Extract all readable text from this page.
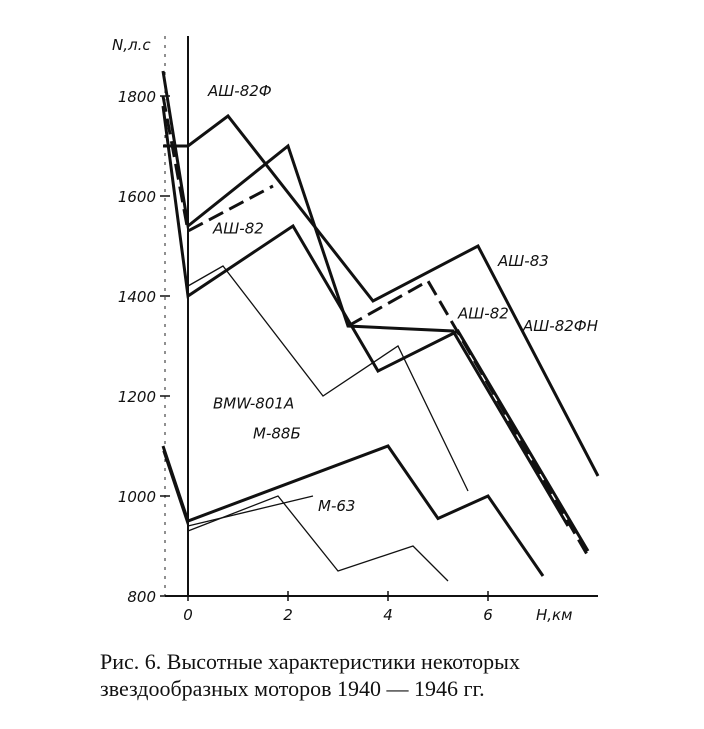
800
1000
1200
1400
1600
1800
0	2	4	6
N,л.с
H,км
АШ-82Ф
АШ-82
АШ-83
АШ-82
АШ-82ФН
BMW-801A
М-88Б
М-63
Рис. 6. Высотные характеристики некоторых
звездообразных моторов 1940 — 1946 гг.
